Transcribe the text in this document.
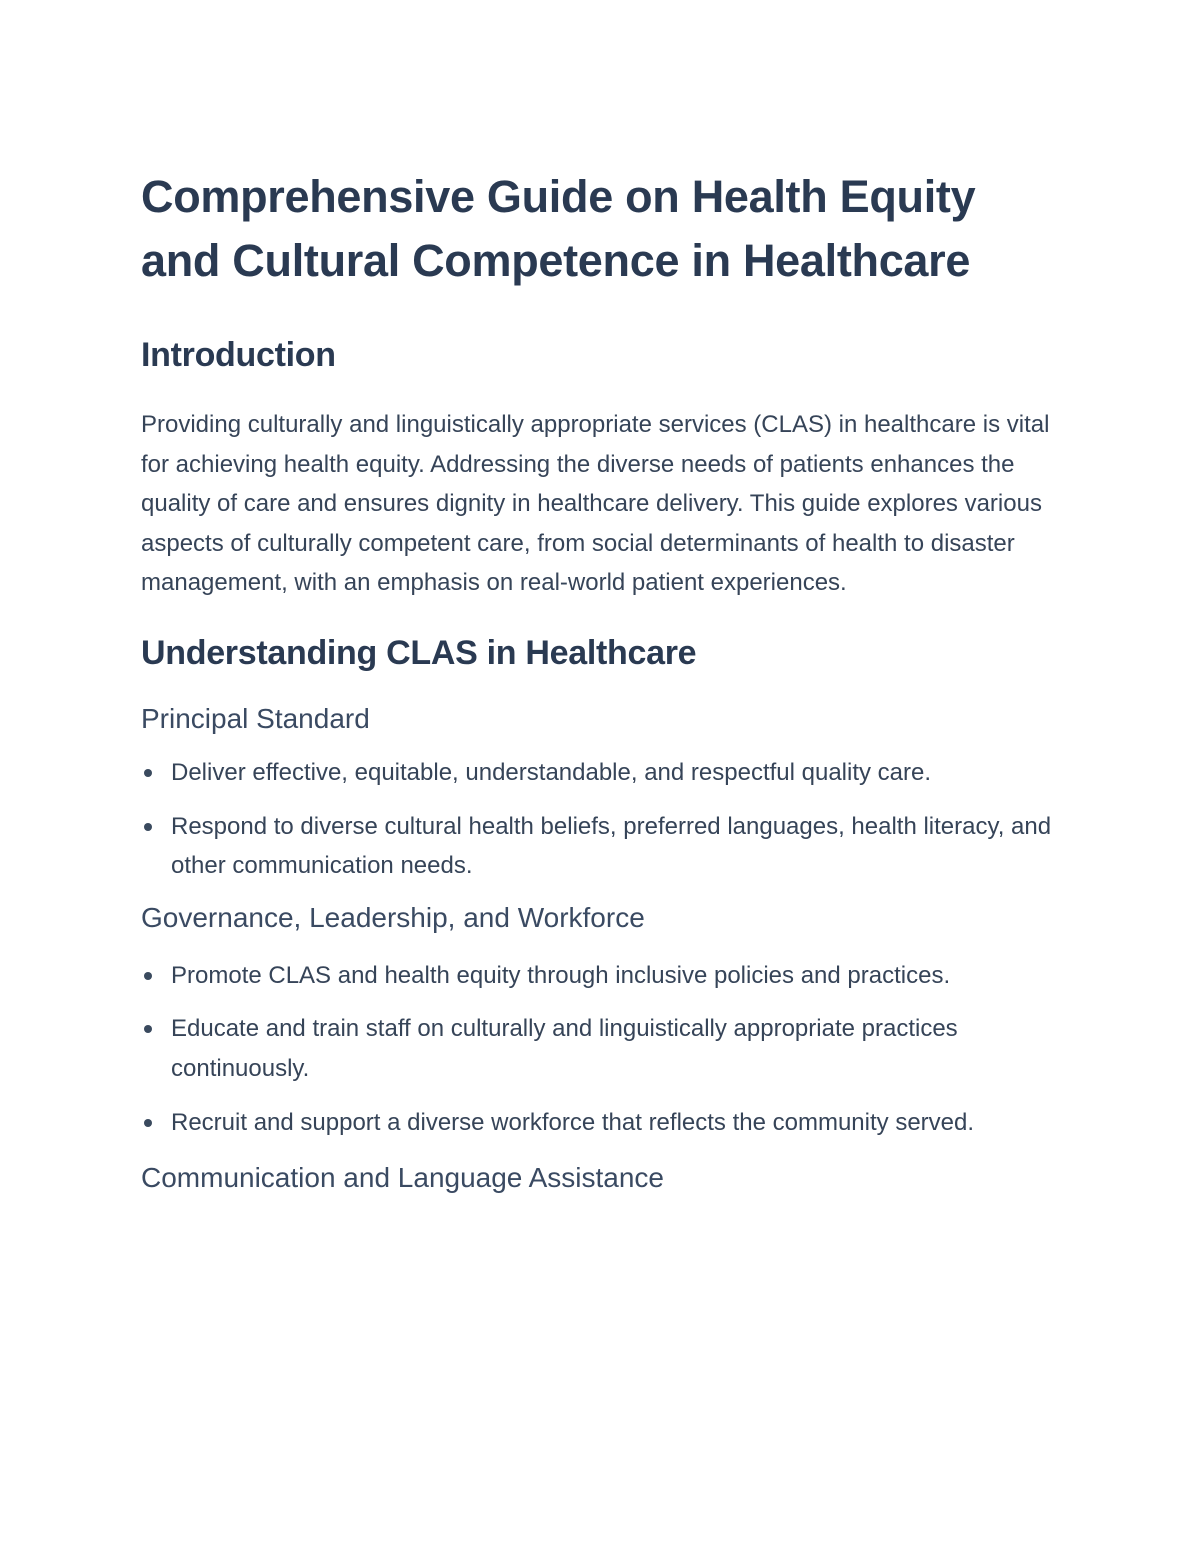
Comprehensive Guide on Health Equity and Cultural Competence in Healthcare
Introduction

Providing culturally and linguistically appropriate services (CLAS) in healthcare is vital for achieving health equity. Addressing the diverse needs of patients enhances the quality of care and ensures dignity in healthcare delivery. This guide explores various aspects of culturally competent care, from social determinants of health to disaster management, with an emphasis on real-world patient experiences.

Understanding CLAS in Healthcare
Principal Standard
Deliver effective, equitable, understandable, and respectful quality care.
Respond to diverse cultural health beliefs, preferred languages, health literacy, and other communication needs.
Governance, Leadership, and Workforce
Promote CLAS and health equity through inclusive policies and practices.
Educate and train staff on culturally and linguistically appropriate practices continuously.
Recruit and support a diverse workforce that reflects the community served.
Communication and Language Assistance
